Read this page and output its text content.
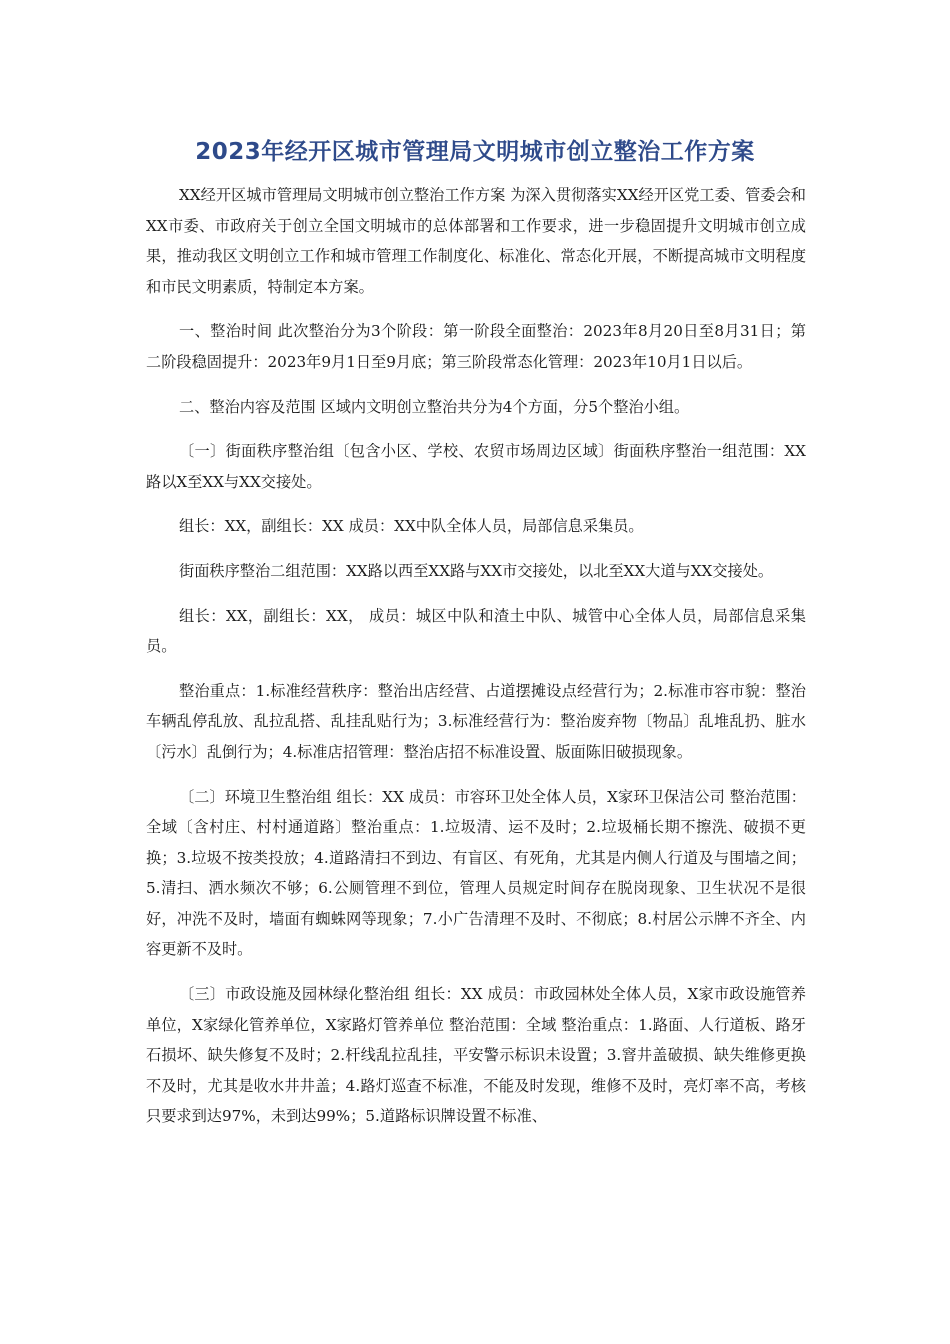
2023年经开区城市管理局文明城市创立整治工作方案

XX经开区城市管理局文明城市创立整治工作方案 为深入贯彻落实XX经开区党工委、管委会和XX市委、市政府关于创立全国文明城市的总体部署和工作要求，进一步稳固提升文明城市创立成果，推动我区文明创立工作和城市管理工作制度化、标准化、常态化开展，不断提高城市文明程度和市民文明素质，特制定本方案。

一、整治时间 此次整治分为3个阶段：第一阶段全面整治：2023年8月20日至8月31日；第二阶段稳固提升：2023年9月1日至9月底；第三阶段常态化管理：2023年10月1日以后。

二、整治内容及范围 区域内文明创立整治共分为4个方面，分5个整治小组。

〔一〕街面秩序整治组〔包含小区、学校、农贸市场周边区域〕街面秩序整治一组范围：XX路以X至XX与XX交接处。

组长：XX，副组长：XX 成员：XX中队全体人员，局部信息采集员。

街面秩序整治二组范围：XX路以西至XX路与XX市交接处，以北至XX大道与XX交接处。

组长：XX，副组长：XX， 成员：城区中队和渣土中队、城管中心全体人员，局部信息采集员。

整治重点：1.标准经营秩序：整治出店经营、占道摆摊设点经营行为；2.标准市容市貌：整治车辆乱停乱放、乱拉乱搭、乱挂乱贴行为；3.标准经营行为：整治废弃物〔物品〕乱堆乱扔、脏水〔污水〕乱倒行为；4.标准店招管理：整治店招不标准设置、版面陈旧破损现象。

〔二〕环境卫生整治组 组长：XX 成员：市容环卫处全体人员，X家环卫保洁公司 整治范围：全域〔含村庄、村村通道路〕整治重点：1.垃圾清、运不及时；2.垃圾桶长期不擦洗、破损不更换；3.垃圾不按类投放；4.道路清扫不到边、有盲区、有死角，尤其是内侧人行道及与围墙之间；5.清扫、洒水频次不够；6.公厕管理不到位，管理人员规定时间存在脱岗现象、卫生状况不是很好，冲洗不及时，墙面有蜘蛛网等现象；7.小广告清理不及时、不彻底；8.村居公示牌不齐全、内容更新不及时。

〔三〕市政设施及园林绿化整治组 组长：XX 成员：市政园林处全体人员，X家市政设施管养单位，X家绿化管养单位，X家路灯管养单位 整治范围：全域 整治重点：1.路面、人行道板、路牙石损坏、缺失修复不及时；2.杆线乱拉乱挂，平安警示标识未设置；3.窨井盖破损、缺失维修更换不及时，尤其是收水井井盖；4.路灯巡查不标准，不能及时发现，维修不及时，亮灯率不高，考核只要求到达97%，未到达99%；5.道路标识牌设置不标准、
